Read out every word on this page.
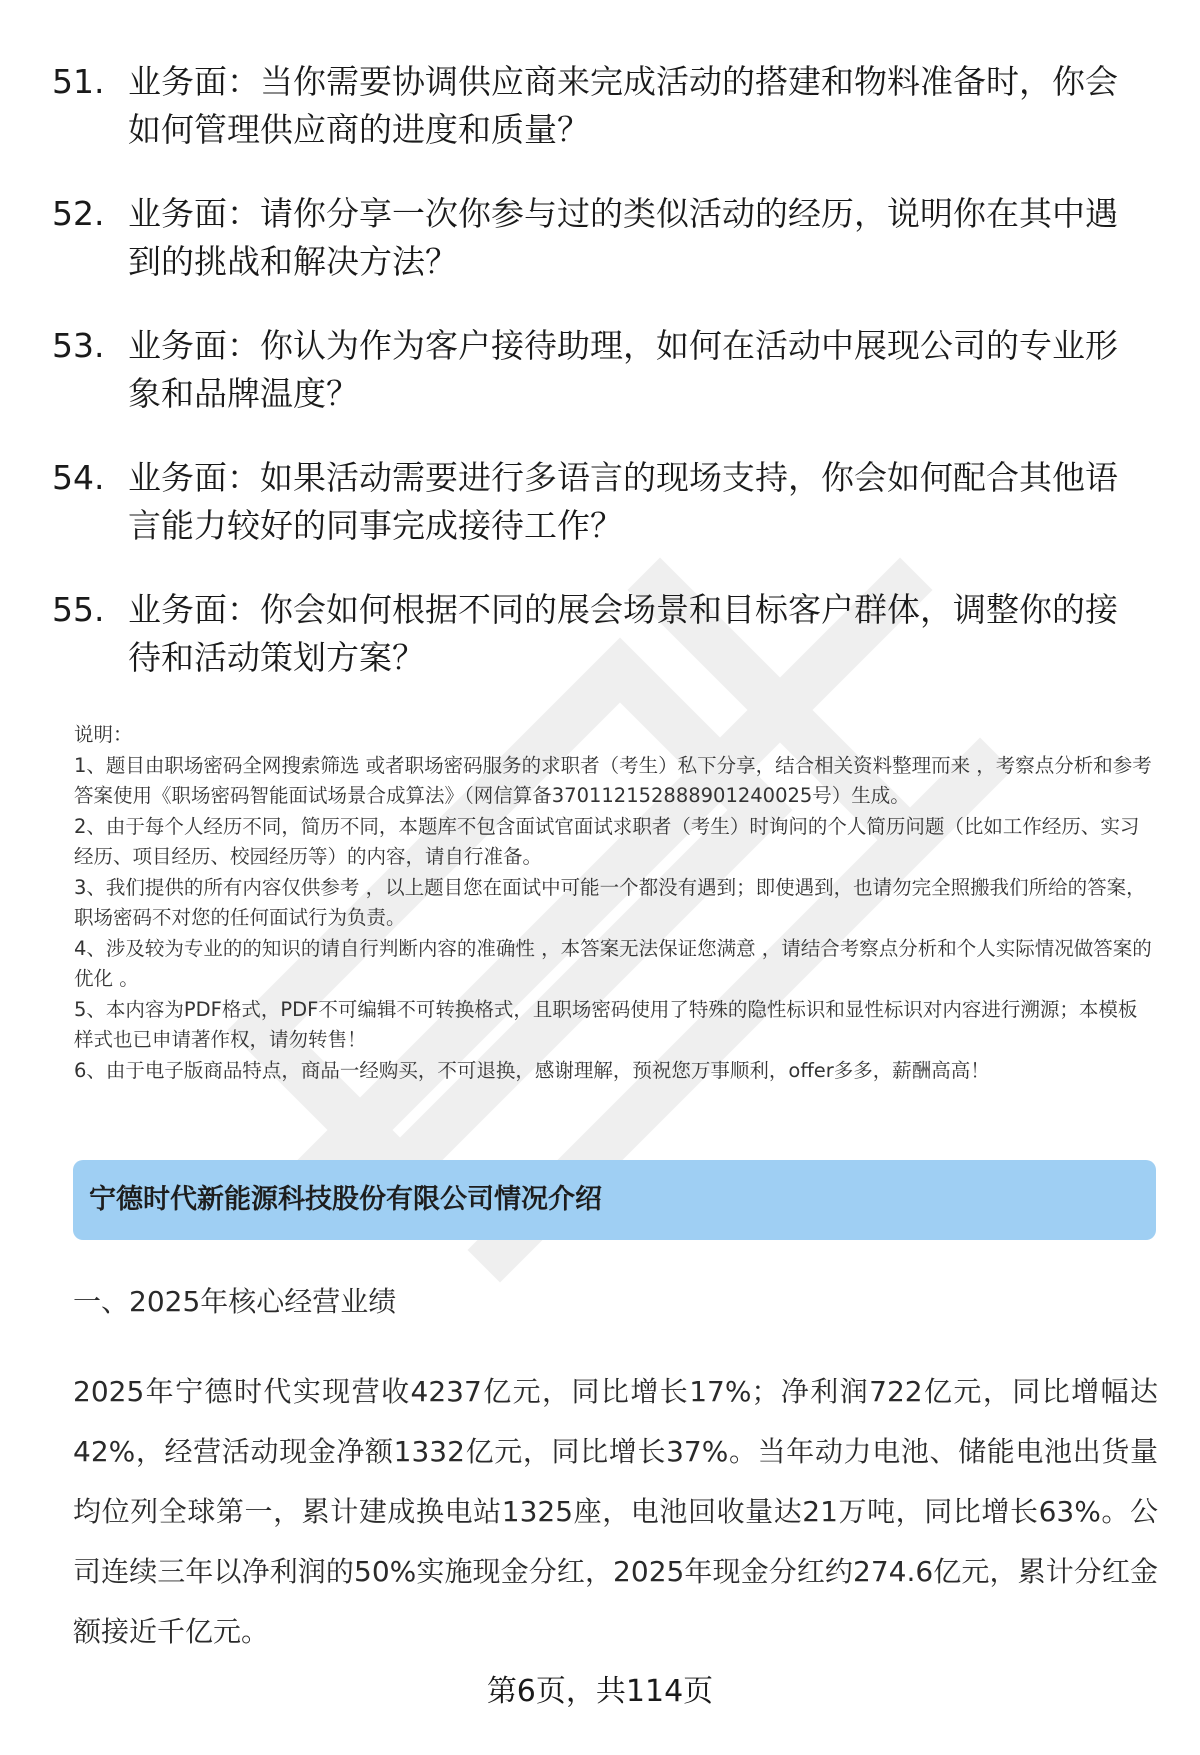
51. 业务面：当你需要协调供应商来完成活动的搭建和物料准备时，你会如何管理供应商的进度和质量？
52. 业务面：请你分享一次你参与过的类似活动的经历，说明你在其中遇到的挑战和解决方法？
53. 业务面：你认为作为客户接待助理，如何在活动中展现公司的专业形象和品牌温度？
54. 业务面：如果活动需要进行多语言的现场支持，你会如何配合其他语言能力较好的同事完成接待工作？
55. 业务面：你会如何根据不同的展会场景和目标客户群体，调整你的接待和活动策划方案？

说明：

1、题目由职场密码全网搜索筛选 或者职场密码服务的求职者（考生）私下分享，结合相关资料整理而来 ，考察点分析和参考答案使用《职场密码智能面试场景合成算法》（网信算备370112152888901240025号）生成。

2、由于每个人经历不同，简历不同，本题库不包含面试官面试求职者（考生）时询问的个人简历问题（比如工作经历、实习经历、项目经历、校园经历等）的内容，请自行准备。

3、我们提供的所有内容仅供参考 ，以上题目您在面试中可能一个都没有遇到；即使遇到，也请勿完全照搬我们所给的答案，职场密码不对您的任何面试行为负责。

4、涉及较为专业的的知识的请自行判断内容的准确性 ，本答案无法保证您满意 ，请结合考察点分析和个人实际情况做答案的优化 。

5、本内容为PDF格式，PDF不可编辑不可转换格式，且职场密码使用了特殊的隐性标识和显性标识对内容进行溯源；本模板样式也已申请著作权，请勿转售！

6、由于电子版商品特点，商品一经购买，不可退换，感谢理解，预祝您万事顺利，offer多多，薪酬高高！

宁德时代新能源科技股份有限公司情况介绍
一、2025年核心经营业绩
2025年宁德时代实现营收4237亿元，同比增长17%；净利润722亿元，同比增幅达42%，经营活动现金净额1332亿元，同比增长37%。当年动力电池、储能电池出货量均位列全球第一，累计建成换电站1325座，电池回收量达21万吨，同比增长63%。公司连续三年以净利润的50%实施现金分红，2025年现金分红约274.6亿元，累计分红金额接近千亿元。
第6页，共114页
